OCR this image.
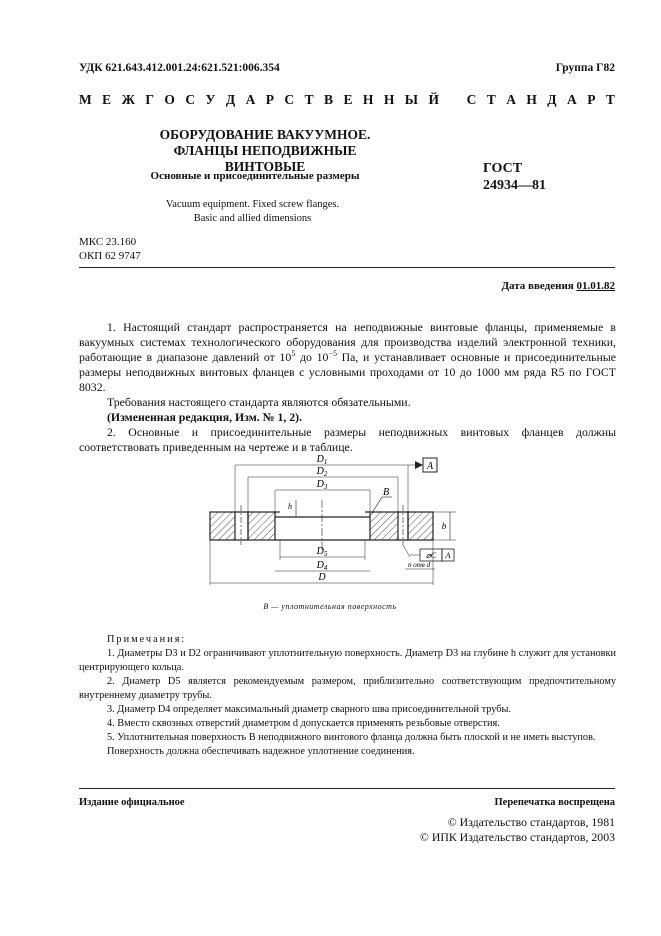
УДК 621.643.412.001.24:621.521:006.354	Группа Г82
М Е Ж Г О С У Д А Р С Т В Е Н Н Ы Й
С Т А Н Д А Р Т
ОБОРУДОВАНИЕ ВАКУУМНОЕ.
ФЛАНЦЫ НЕПОДВИЖНЫЕ ВИНТОВЫЕ
Основные и присоединительные размеры	ГОСТ
24934—81
Vacuum equipment. Fixed screw flanges.
Basic and allied dimensions
МКС 23.160
ОКП 62 9747
Дата введения 01.01.82

1. Настоящий стандарт распространяется на неподвижные винтовые фланцы, применяемые в вакуумных системах технологического оборудования для производства изделий электронной техники, работающие в диапазоне давлений от $10^5$ до $10^{-5}$ Па, и устанавливает основные и присоединительные размеры неподвижных винтовых фланцев с условными проходами от 10 до 1000 мм ряда R5 по ГОСТ 8032.

Требования настоящего стандарта являются обязательными.

(Измененная редакция, Изм. № 1, 2).

2. Основные и присоединительные размеры неподвижных винтовых фланцев должны соответствовать приведенным на чертеже и в таблице.

A
$D_1$
$D_2$
$D_3$	B
h
b
$D_5$
$D_4$
D
⌀C A
n отв d
B — уплотнительная поверхность
Примечания:
1. Диаметры D3 и D2 ограничивают уплотнительную поверхность. Диаметр D3 на глубине h служит для установки центрирующего кольца.
2. Диаметр D5 является рекомендуемым размером, приблизительно соответствующим предпочтительному внутреннему диаметру трубы.
3. Диаметр D4 определяет максимальный диаметр сварного шва присоединительной трубы.
4. Вместо сквозных отверстий диаметром d допускается применять резьбовые отверстия.
5. Уплотнительная поверхность B неподвижного винтового фланца должна быть плоской и не иметь выступов.
Поверхность должна обеспечивать надежное уплотнение соединения.
Издание официальное	Перепечатка воспрещена
© Издательство стандартов, 1981
© ИПК Издательство стандартов, 2003
